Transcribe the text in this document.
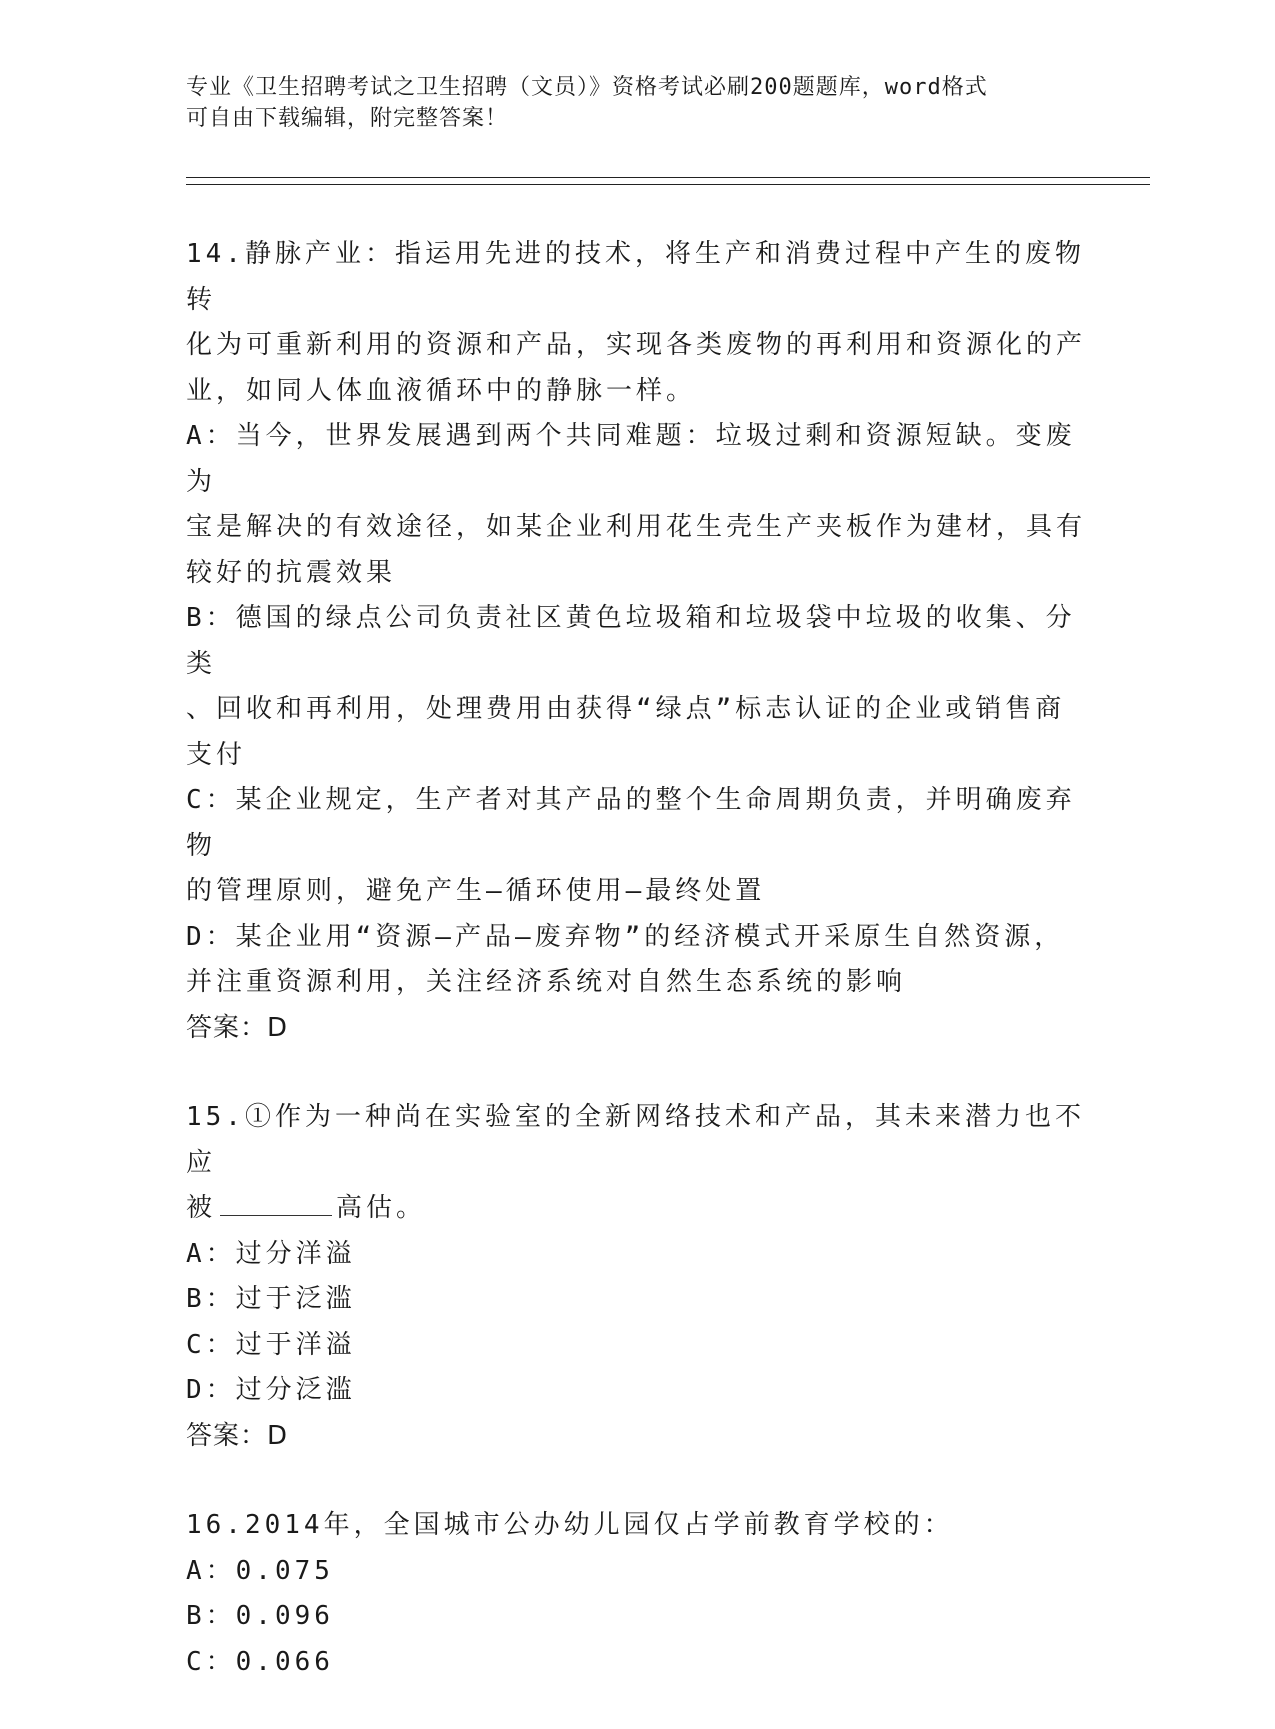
专业《卫生招聘考试之卫生招聘（文员）》资格考试必刷200题题库，word格式
可自由下载编辑，附完整答案！
14.静脉产业：指运用先进的技术，将生产和消费过程中产生的废物转
化为可重新利用的资源和产品，实现各类废物的再利用和资源化的产
业，如同人体血液循环中的静脉一样。
A：当今，世界发展遇到两个共同难题：垃圾过剩和资源短缺。变废为
宝是解决的有效途径，如某企业利用花生壳生产夹板作为建材，具有
较好的抗震效果
B：德国的绿点公司负责社区黄色垃圾箱和垃圾袋中垃圾的收集、分类
、回收和再利用，处理费用由获得“绿点”标志认证的企业或销售商
支付
C：某企业规定，生产者对其产品的整个生命周期负责，并明确废弃物
的管理原则，避免产生—循环使用—最终处置
D：某企业用“资源—产品—废弃物”的经济模式开采原生自然资源，
并注重资源利用，关注经济系统对自然生态系统的影响
答案：D
15.①作为一种尚在实验室的全新网络技术和产品，其未来潜力也不应
被	高估。
A：过分洋溢
B：过于泛滥
C：过于洋溢
D：过分泛滥
答案：D
16.2014年，全国城市公办幼儿园仅占学前教育学校的：
A：0.075
B：0.096
C：0.066
